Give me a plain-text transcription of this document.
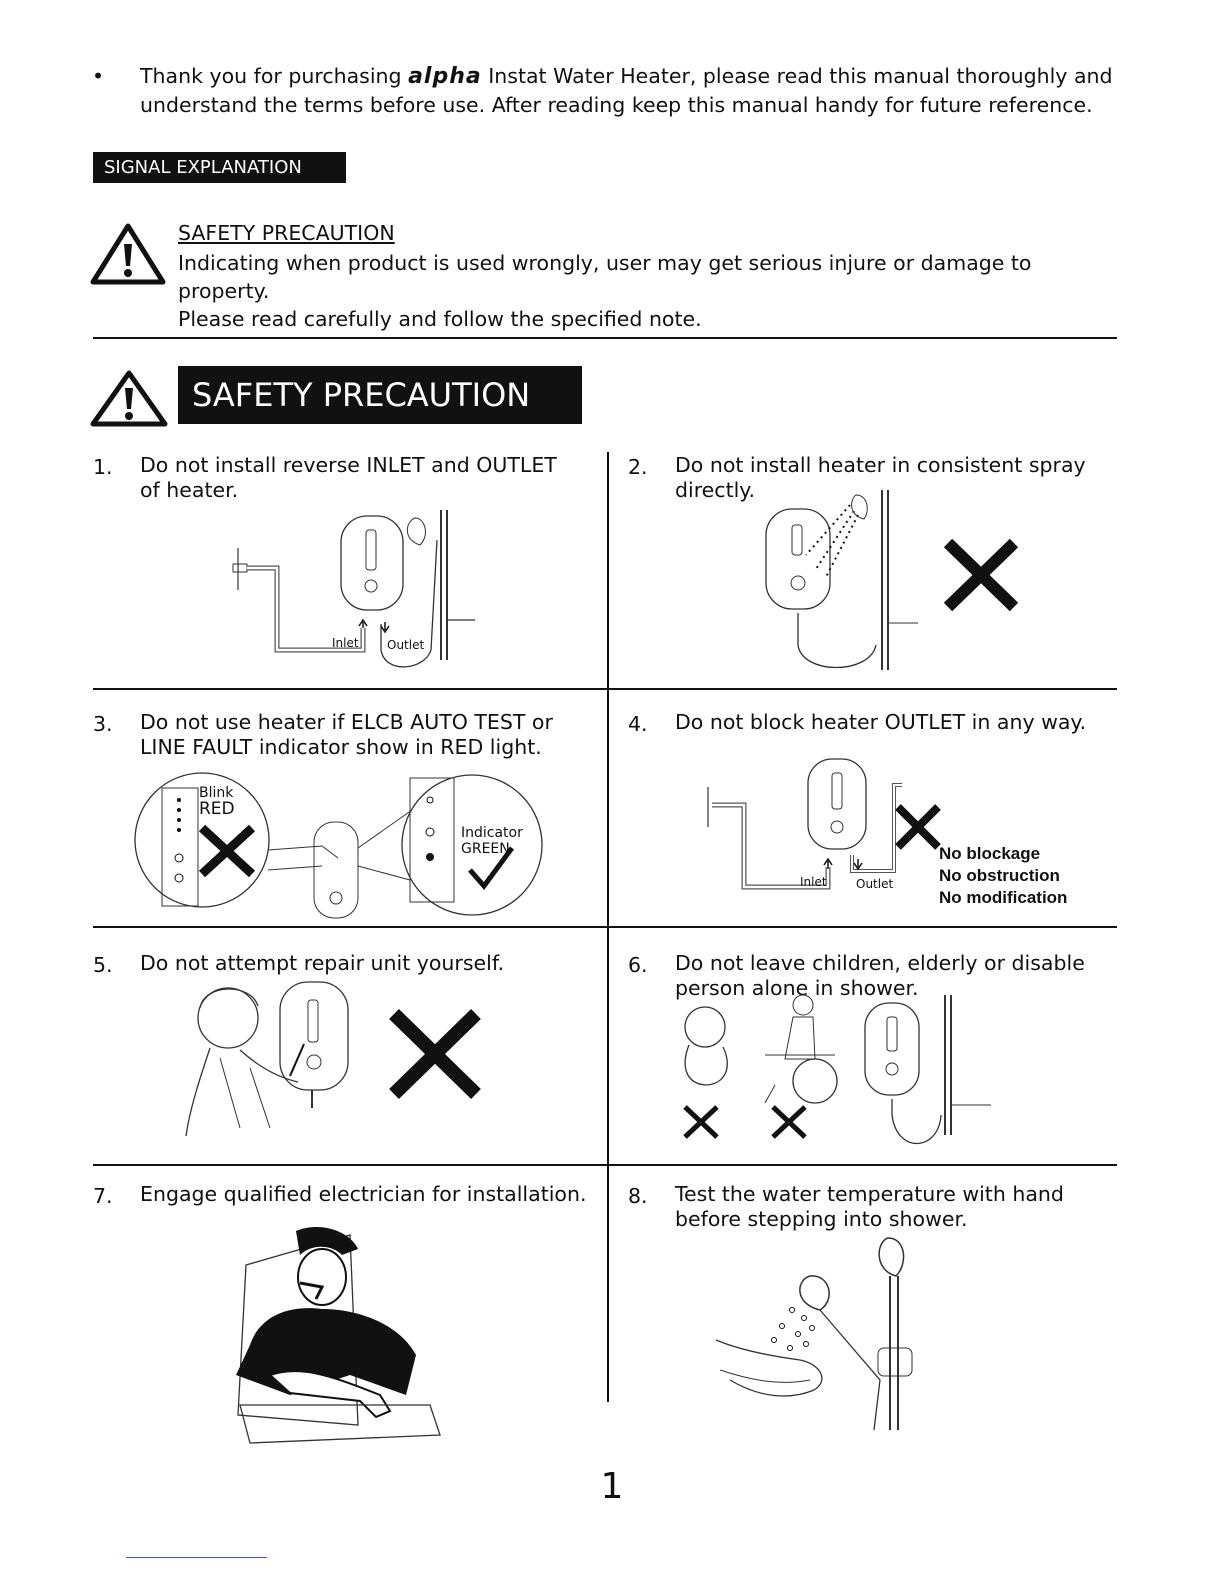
• Thank you for purchasing alpha Instat Water Heater, please read this manual thoroughly and understand the terms before use. After reading keep this manual handy for future reference.
SIGNAL EXPLANATION
SAFETY PRECAUTION
Indicating when product is used wrongly, user may get serious injure or damage to property.
Please read carefully and follow the specified note.
SAFETY PRECAUTION
1. Do not install reverse INLET and OUTLET
of heater.
Inlet Outlet
2. Do not install heater in consistent spray
directly.
3. Do not use heater if ELCB AUTO TEST or
LINE FAULT indicator show in RED light.
Blink
RED
Indicator
GREEN
4. Do not block heater OUTLET in any way.
Inlet Outlet
No blockage
No obstruction
No modification
5. Do not attempt repair unit yourself.	6. Do not leave children, elderly or disable
person alone in shower.
7. Engage qualified electrician for installation. 8. Test the water temperature with hand
before stepping into shower.
1
